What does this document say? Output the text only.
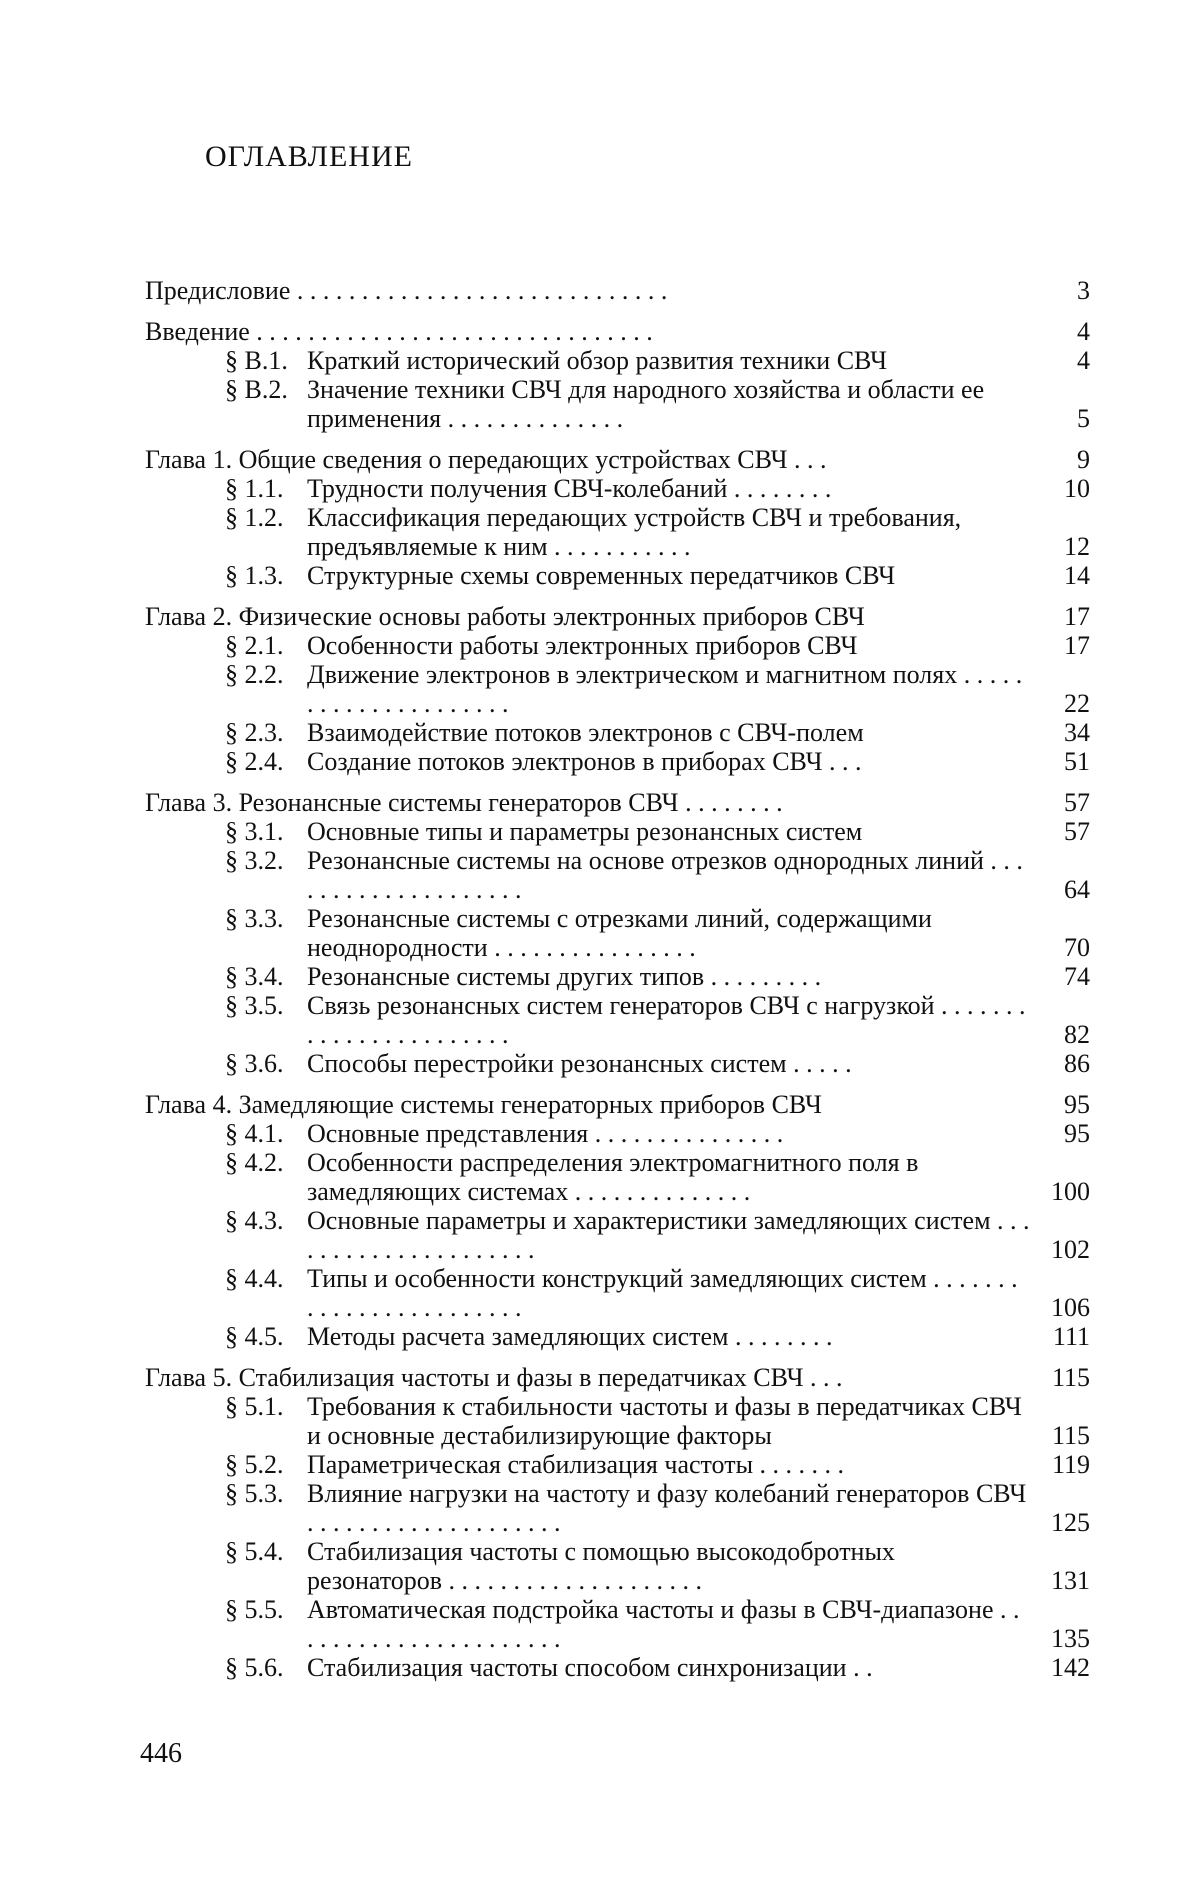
ОГЛАВЛЕНИЕ
Предисловие . . . . . . . . . . . . . . . . . . . . . . . . . . . . .	3
Введение . . . . . . . . . . . . . . . . . . . . . . . . . . . . . . .	4
§ В.1. Краткий исторический обзор развития техники СВЧ	4
§ В.2. Значение техники СВЧ для народного хозяйства и области ее применения . . . . . . . . . . . . . .	5
Глава 1. Общие сведения о передающих устройствах СВЧ . . .	9
§ 1.1. Трудности получения СВЧ-колебаний . . . . . . . .	10
§ 1.2. Классификация передающих устройств СВЧ и требования, предъявляемые к ним . . . . . . . . . . .	12
§ 1.3. Структурные схемы современных передатчиков СВЧ	14
Глава 2. Физические основы работы электронных приборов СВЧ	17
§ 2.1. Особенности работы электронных приборов СВЧ	17
§ 2.2. Движение электронов в электрическом и магнитном полях . . . . . . . . . . . . . . . . . . . . .	22
§ 2.3. Взаимодействие потоков электронов с СВЧ-полем	34
§ 2.4. Создание потоков электронов в приборах СВЧ . . .	51
Глава 3. Резонансные системы генераторов СВЧ . . . . . . . .	57
§ 3.1. Основные типы и параметры резонансных систем	57
§ 3.2. Резонансные системы на основе отрезков однородных линий . . . . . . . . . . . . . . . . . . . .	64
§ 3.3. Резонансные системы с отрезками линий, содержащими неоднородности . . . . . . . . . . . . . . . .	70
§ 3.4. Резонансные системы других типов . . . . . . . . .	74
§ 3.5. Связь резонансных систем генераторов СВЧ с нагрузкой . . . . . . . . . . . . . . . . . . . . . . .	82
§ 3.6. Способы перестройки резонансных систем . . . . .	86
Глава 4. Замедляющие системы генераторных приборов СВЧ	95
§ 4.1. Основные представления . . . . . . . . . . . . . . .	95
§ 4.2. Особенности распределения электромагнитного поля в замедляющих системах . . . . . . . . . . . . . .	100
§ 4.3. Основные параметры и характеристики замедляющих систем . . . . . . . . . . . . . . . . . . . . .	102
§ 4.4. Типы и особенности конструкций замедляющих систем . . . . . . . . . . . . . . . . . . . . . . . .	106
§ 4.5. Методы расчета замедляющих систем . . . . . . . .	111
Глава 5. Стабилизация частоты и фазы в передатчиках СВЧ . . .	115
§ 5.1. Требования к стабильности частоты и фазы в передатчиках СВЧ и основные дестабилизирующие факторы	115
§ 5.2. Параметрическая стабилизация частоты . . . . . . .	119
§ 5.3. Влияние нагрузки на частоту и фазу колебаний генераторов СВЧ . . . . . . . . . . . . . . . . . . . .	125
§ 5.4. Стабилизация частоты с помощью высокодобротных резонаторов . . . . . . . . . . . . . . . . . . . .	131
§ 5.5. Автоматическая подстройка частоты и фазы в СВЧ-диапазоне . . . . . . . . . . . . . . . . . . . . . .	135
§ 5.6. Стабилизация частоты способом синхронизации . .	142
446
